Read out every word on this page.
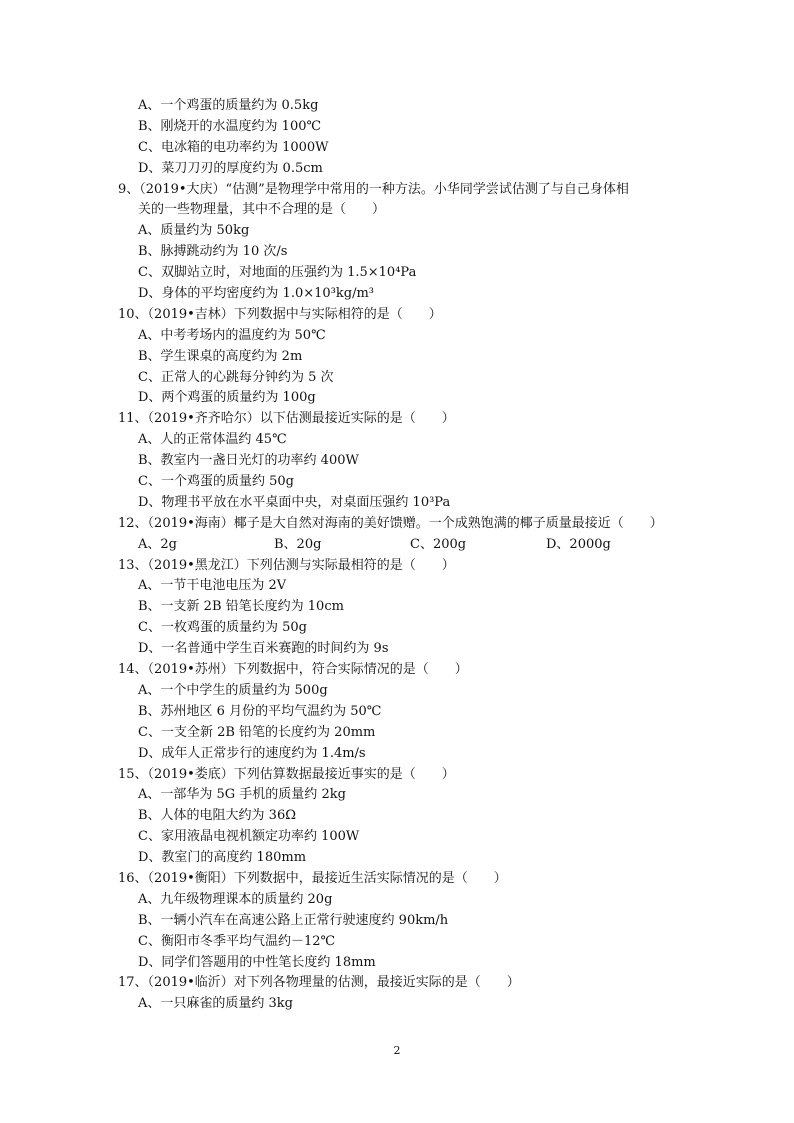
A、一个鸡蛋的质量约为 0.5kg
B、刚烧开的水温度约为 100℃
C、电冰箱的电功率约为 1000W
D、菜刀刀刃的厚度约为 0.5cm
9、（2019•大庆）“估测”是物理学中常用的一种方法。小华同学尝试估测了与自己身体相
关的一些物理量，其中不合理的是（　　）
A、质量约为 50kg
B、脉搏跳动约为 10 次/s
C、双脚站立时，对地面的压强约为 1.5×10⁴Pa
D、身体的平均密度约为 1.0×10³kg/m³
10、（2019•吉林）下列数据中与实际相符的是（　　）
A、中考考场内的温度约为 50℃
B、学生课桌的高度约为 2m
C、正常人的心跳每分钟约为 5 次
D、两个鸡蛋的质量约为 100g
11、（2019•齐齐哈尔）以下估测最接近实际的是（　　）
A、人的正常体温约 45℃
B、教室内一盏日光灯的功率约 400W
C、一个鸡蛋的质量约 50g
D、物理书平放在水平桌面中央，对桌面压强约 10³Pa
12、（2019•海南）椰子是大自然对海南的美好馈赠。一个成熟饱满的椰子质量最接近（　　）
A、2g	B、20g	C、200g	D、2000g
13、（2019•黑龙江）下列估测与实际最相符的是（　　）
A、一节干电池电压为 2V
B、一支新 2B 铅笔长度约为 10cm
C、一枚鸡蛋的质量约为 50g
D、一名普通中学生百米赛跑的时间约为 9s
14、（2019•苏州）下列数据中，符合实际情况的是（　　）
A、一个中学生的质量约为 500g
B、苏州地区 6 月份的平均气温约为 50℃
C、一支全新 2B 铅笔的长度约为 20mm
D、成年人正常步行的速度约为 1.4m/s
15、（2019•娄底）下列估算数据最接近事实的是（　　）
A、一部华为 5G 手机的质量约 2kg
B、人体的电阻大约为 36Ω
C、家用液晶电视机额定功率约 100W
D、教室门的高度约 180mm
16、（2019•衡阳）下列数据中，最接近生活实际情况的是（　　）
A、九年级物理课本的质量约 20g
B、一辆小汽车在高速公路上正常行驶速度约 90km/h
C、衡阳市冬季平均气温约－12℃
D、同学们答题用的中性笔长度约 18mm
17、（2019•临沂）对下列各物理量的估测，最接近实际的是（　　）
A、一只麻雀的质量约 3kg
2
